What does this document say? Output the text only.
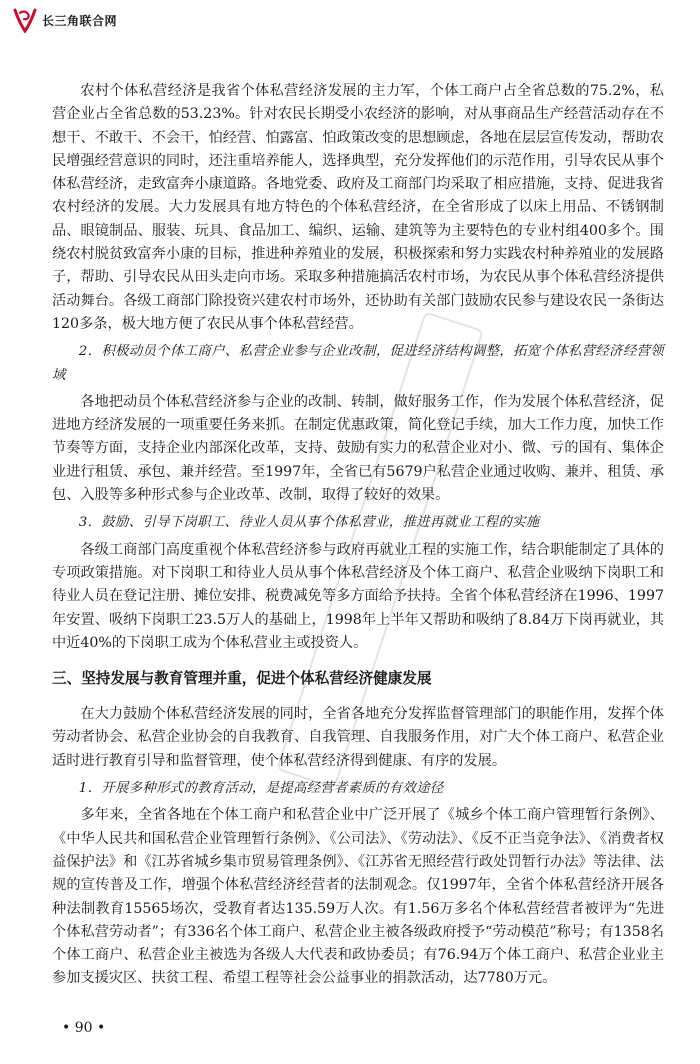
长三角联合网

农村个体私营经济是我省个体私营经济发展的主力军，个体工商户占全省总数的75.2%，私营企业占全省总数的53.23%。针对农民长期受小农经济的影响，对从事商品生产经营活动存在不想干、不敢干、不会干，怕经营、怕露富、怕政策改变的思想顾虑，各地在层层宣传发动，帮助农民增强经营意识的同时，还注重培养能人，选择典型，充分发挥他们的示范作用，引导农民从事个体私营经济，走致富奔小康道路。各地党委、政府及工商部门均采取了相应措施，支持、促进我省农村经济的发展。大力发展具有地方特色的个体私营经济，在全省形成了以床上用品、不锈钢制品、眼镜制品、服装、玩具、食品加工、编织、运输、建筑等为主要特色的专业村组400多个。围绕农村脱贫致富奔小康的目标，推进种养殖业的发展，积极探索和努力实践农村种养殖业的发展路子，帮助、引导农民从田头走向市场。采取多种措施搞活农村市场，为农民从事个体私营经济提供活动舞台。各级工商部门除投资兴建农村市场外，还协助有关部门鼓励农民参与建设农民一条街达120多条，极大地方便了农民从事个体私营经营。

2．积极动员个体工商户、私营企业参与企业改制，促进经济结构调整，拓宽个体私营经济经营领域

各地把动员个体私营经济参与企业的改制、转制，做好服务工作，作为发展个体私营经济，促进地方经济发展的一项重要任务来抓。在制定优惠政策，简化登记手续，加大工作力度，加快工作节奏等方面，支持企业内部深化改革，支持、鼓励有实力的私营企业对小、微、亏的国有、集体企业进行租赁、承包、兼并经营。至1997年，全省已有5679户私营企业通过收购、兼并、租赁、承包、入股等多种形式参与企业改革、改制，取得了较好的效果。

3．鼓励、引导下岗职工、待业人员从事个体私营业，推进再就业工程的实施

各级工商部门高度重视个体私营经济参与政府再就业工程的实施工作，结合职能制定了具体的专项政策措施。对下岗职工和待业人员从事个体私营经济及个体工商户、私营企业吸纳下岗职工和待业人员在登记注册、摊位安排、税费减免等多方面给予扶持。全省个体私营经济在1996、1997年安置、吸纳下岗职工23.5万人的基础上，1998年上半年又帮助和吸纳了8.84万下岗再就业，其中近40%的下岗职工成为个体私营业主或投资人。

三、坚持发展与教育管理并重，促进个体私营经济健康发展

在大力鼓励个体私营经济发展的同时，全省各地充分发挥监督管理部门的职能作用，发挥个体劳动者协会、私营企业协会的自我教育、自我管理、自我服务作用，对广大个体工商户、私营企业适时进行教育引导和监督管理，使个体私营经济得到健康、有序的发展。

1．开展多种形式的教育活动，是提高经营者素质的有效途径

多年来，全省各地在个体工商户和私营企业中广泛开展了《城乡个体工商户管理暂行条例》、《中华人民共和国私营企业管理暂行条例》、《公司法》、《劳动法》、《反不正当竞争法》、《消费者权益保护法》和《江苏省城乡集市贸易管理条例》、《江苏省无照经营行政处罚暂行办法》等法律、法规的宣传普及工作，增强个体私营经济经营者的法制观念。仅1997年，全省个体私营经济开展各种法制教育15565场次，受教育者达135.59万人次。有1.56万多名个体私营经营者被评为“先进个体私营劳动者”；有336名个体工商户、私营企业主被各级政府授予“劳动模范”称号；有1358名个体工商户、私营企业主被选为各级人大代表和政协委员；有76.94万个体工商户、私营企业业主参加支援灾区、扶贫工程、希望工程等社会公益事业的捐款活动，达7780万元。

• 90 •
